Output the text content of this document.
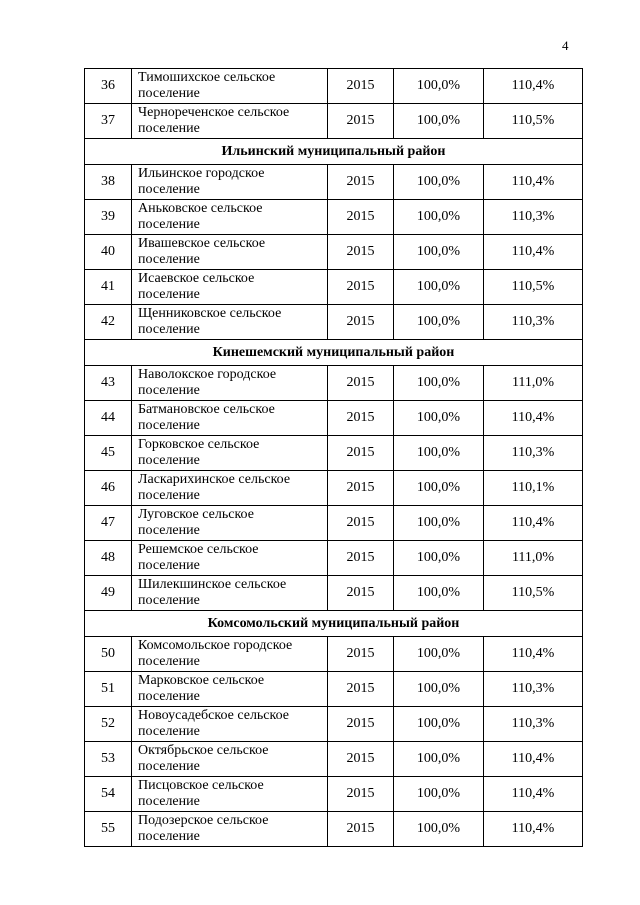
4
36	Тимошихское сельское
поселение	2015	100,0%	110,4%
37	Чернореченское сельское
поселение	2015	100,0%	110,5%
Ильинский муниципальный район				
38	Ильинское городское
поселение	2015	100,0%	110,4%
39	Аньковское сельское
поселение	2015	100,0%	110,3%
40	Ивашевское сельское
поселение	2015	100,0%	110,4%
41	Исаевское сельское
поселение	2015	100,0%	110,5%
42	Щенниковское сельское
поселение	2015	100,0%	110,3%
Кинешемский муниципальный район				
43	Наволокское городское
поселение	2015	100,0%	111,0%
44	Батмановское сельское
поселение	2015	100,0%	110,4%
45	Горковское сельское
поселение	2015	100,0%	110,3%
46	Ласкарихинское сельское
поселение	2015	100,0%	110,1%
47	Луговское сельское
поселение	2015	100,0%	110,4%
48	Решемское сельское
поселение	2015	100,0%	111,0%
49	Шилекшинское сельское
поселение	2015	100,0%	110,5%
Комсомольский муниципальный район				
50	Комсомольское городское
поселение	2015	100,0%	110,4%
51	Марковское сельское
поселение	2015	100,0%	110,3%
52	Новоусадебское сельское
поселение	2015	100,0%	110,3%
53	Октябрьское сельское
поселение	2015	100,0%	110,4%
54	Писцовское сельское
поселение	2015	100,0%	110,4%
55	Подозерское сельское
поселение	2015	100,0%	110,4%
